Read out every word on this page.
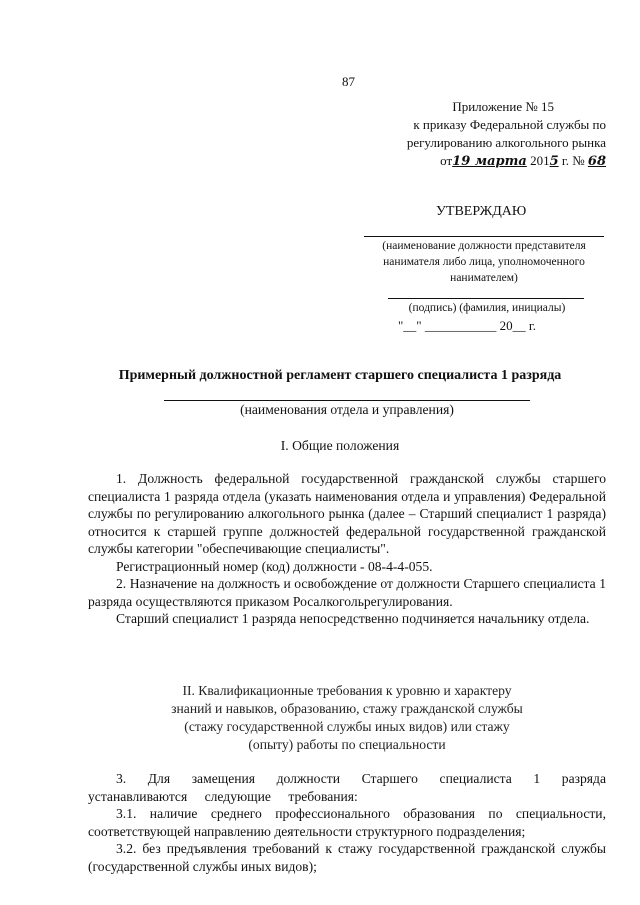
87
Приложение № 15
к приказу Федеральной службы по
регулированию алкогольного рынка
от19 марта 2015 г. № 68
УТВЕРЖДАЮ
(наименование должности представителя нанимателя либо лица, уполномоченного нанимателем)
(подпись) (фамилия, инициалы)
"__" ___________ 20__ г.
Примерный должностной регламент старшего специалиста 1 разряда
(наименования отдела и управления)
I. Общие положения
1. Должность федеральной государственной гражданской службы старшего специалиста 1 разряда отдела (указать наименования отдела и управления) Федеральной службы по регулированию алкогольного рынка (далее – Старший специалист 1 разряда) относится к старшей группе должностей федеральной государственной гражданской службы категории "обеспечивающие специалисты".
Регистрационный номер (код) должности - 08-4-4-055.
2. Назначение на должность и освобождение от должности Старшего специалиста 1 разряда осуществляются приказом Росалкогольрегулирования.
Старший специалист 1 разряда непосредственно подчиняется начальнику отдела.
II. Квалификационные требования к уровню и характеру
знаний и навыков, образованию, стажу гражданской службы
(стажу государственной службы иных видов) или стажу
(опыту) работы по специальности
3. Для замещения должности Старшего специалиста 1 разряда устанавливаются следующие требования:
3.1. наличие среднего профессионального образования по специальности, соответствующей направлению деятельности структурного подразделения;
3.2. без предъявления требований к стажу государственной гражданской службы (государственной службы иных видов);
